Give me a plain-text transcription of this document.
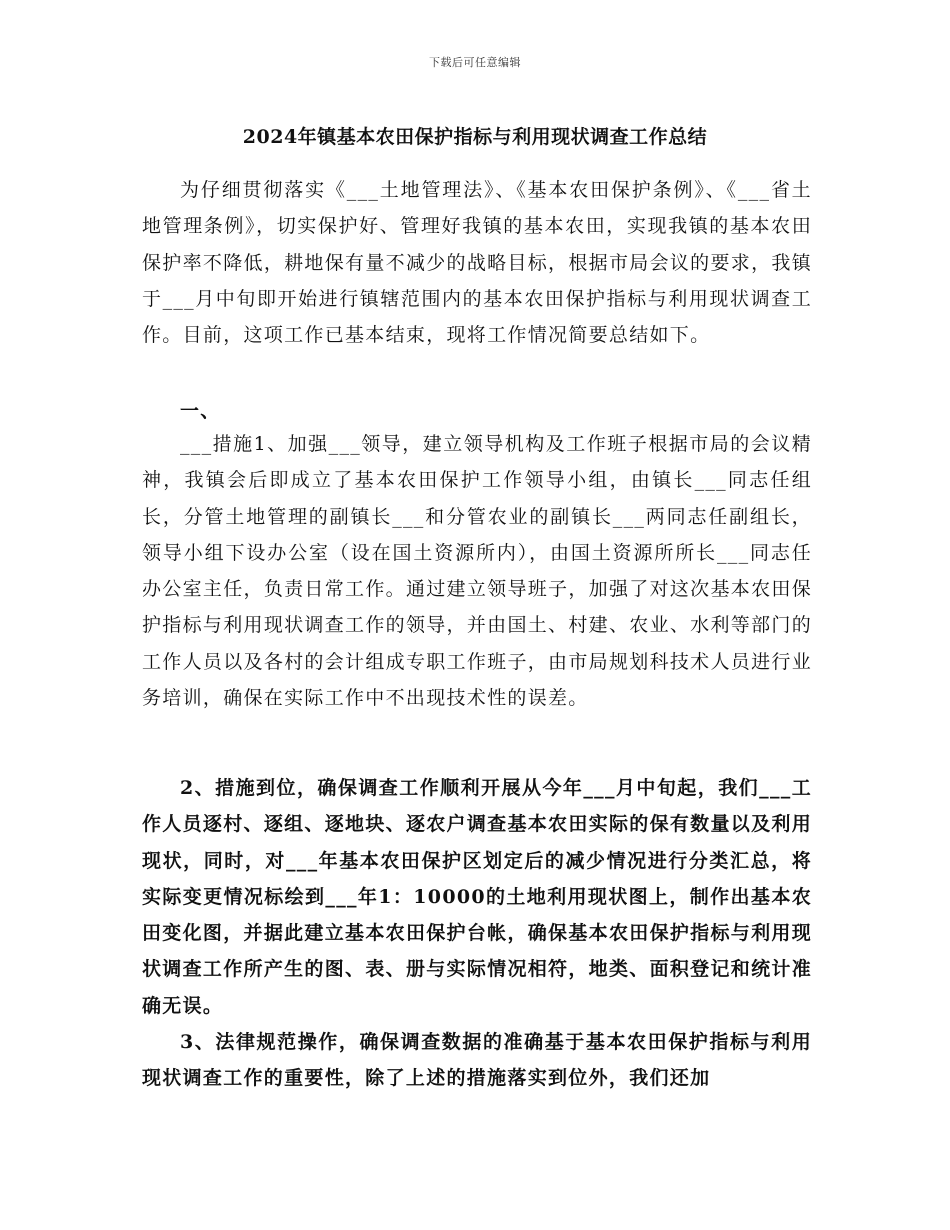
下载后可任意编辑
2024年镇基本农田保护指标与利用现状调查工作总结

为仔细贯彻落实《___土地管理法》、《基本农田保护条例》、《___省土地管理条例》，切实保护好、管理好我镇的基本农田，实现我镇的基本农田保护率不降低，耕地保有量不减少的战略目标，根据市局会议的要求，我镇于___月中旬即开始进行镇辖范围内的基本农田保护指标与利用现状调查工作。目前，这项工作已基本结束，现将工作情况简要总结如下。

一、

___措施1、加强___领导，建立领导机构及工作班子根据市局的会议精神，我镇会后即成立了基本农田保护工作领导小组，由镇长___同志任组长，分管土地管理的副镇长___和分管农业的副镇长___两同志任副组长，领导小组下设办公室（设在国土资源所内），由国土资源所所长___同志任办公室主任，负责日常工作。通过建立领导班子，加强了对这次基本农田保护指标与利用现状调查工作的领导，并由国土、村建、农业、水利等部门的工作人员以及各村的会计组成专职工作班子，由市局规划科技术人员进行业务培训，确保在实际工作中不出现技术性的误差。

2、措施到位，确保调查工作顺利开展从今年___月中旬起，我们___工作人员逐村、逐组、逐地块、逐农户调查基本农田实际的保有数量以及利用现状，同时，对___年基本农田保护区划定后的减少情况进行分类汇总，将实际变更情况标绘到___年1：10000的土地利用现状图上，制作出基本农田变化图，并据此建立基本农田保护台帐，确保基本农田保护指标与利用现状调查工作所产生的图、表、册与实际情况相符，地类、面积登记和统计准确无误。

3、法律规范操作，确保调查数据的准确基于基本农田保护指标与利用现状调查工作的重要性，除了上述的措施落实到位外，我们还加
